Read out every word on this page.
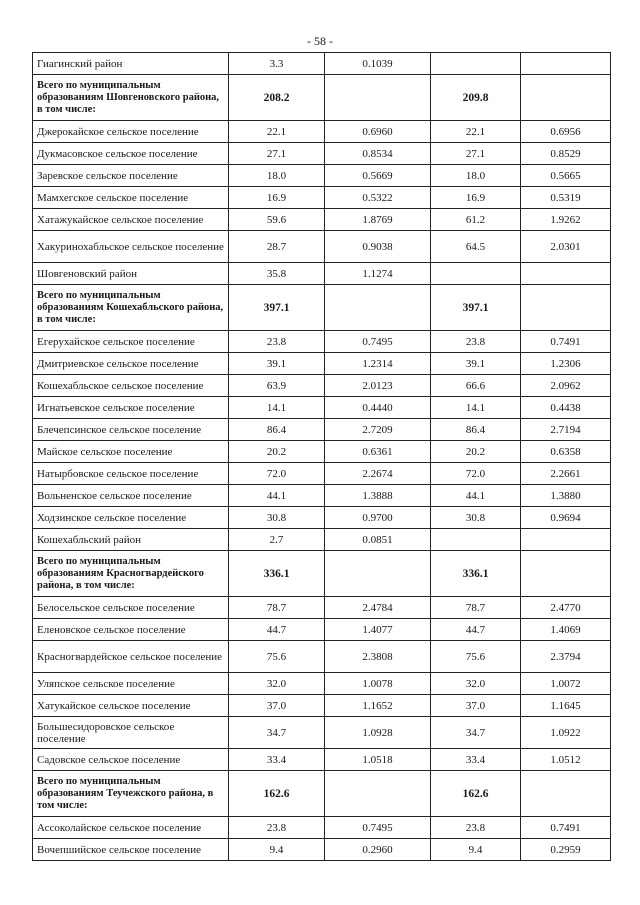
- 58 -
Гиагинский район	3.3	0.1039		
Всего по муниципальным образованиям Шовгеновского района, в том числе:	208.2		209.8	
Джерокайское сельское поселение	22.1	0.6960	22.1	0.6956
Дукмасовское сельское поселение	27.1	0.8534	27.1	0.8529
Заревское сельское поселение	18.0	0.5669	18.0	0.5665
Мамхегское сельское поселение	16.9	0.5322	16.9	0.5319
Хатажукайское сельское поселение	59.6	1.8769	61.2	1.9262
Хакуринохабльское сельское поселение	28.7	0.9038	64.5	2.0301
Шовгеновский район	35.8	1.1274		
Всего по муниципальным образованиям Кошехабльского района, в том числе:	397.1		397.1	
Егерухайское сельское поселение	23.8	0.7495	23.8	0.7491
Дмитриевское сельское поселение	39.1	1.2314	39.1	1.2306
Кошехабльское сельское поселение	63.9	2.0123	66.6	2.0962
Игнатьевское сельское поселение	14.1	0.4440	14.1	0.4438
Блечепсинское сельское поселение	86.4	2.7209	86.4	2.7194
Майское сельское поселение	20.2	0.6361	20.2	0.6358
Натырбовское сельское поселение	72.0	2.2674	72.0	2.2661
Вольненское сельское поселение	44.1	1.3888	44.1	1.3880
Ходзинское сельское поселение	30.8	0.9700	30.8	0.9694
Кошехабльский район	2.7	0.0851		
Всего по муниципальным образованиям Красногвардейского района, в том числе:	336.1		336.1	
Белосельское сельское поселение	78.7	2.4784	78.7	2.4770
Еленовское сельское поселение	44.7	1.4077	44.7	1.4069
Красногвардейское сельское поселение	75.6	2.3808	75.6	2.3794
Уляпское сельское поселение	32.0	1.0078	32.0	1.0072
Хатукайское сельское поселение	37.0	1.1652	37.0	1.1645
Большесидоровское сельское поселение	34.7	1.0928	34.7	1.0922
Садовское сельское поселение	33.4	1.0518	33.4	1.0512
Всего по муниципальным образованиям Теучежского района, в том числе:	162.6		162.6	
Ассоколайское сельское поселение	23.8	0.7495	23.8	0.7491
Вочепшийское сельское поселение	9.4	0.2960	9.4	0.2959
